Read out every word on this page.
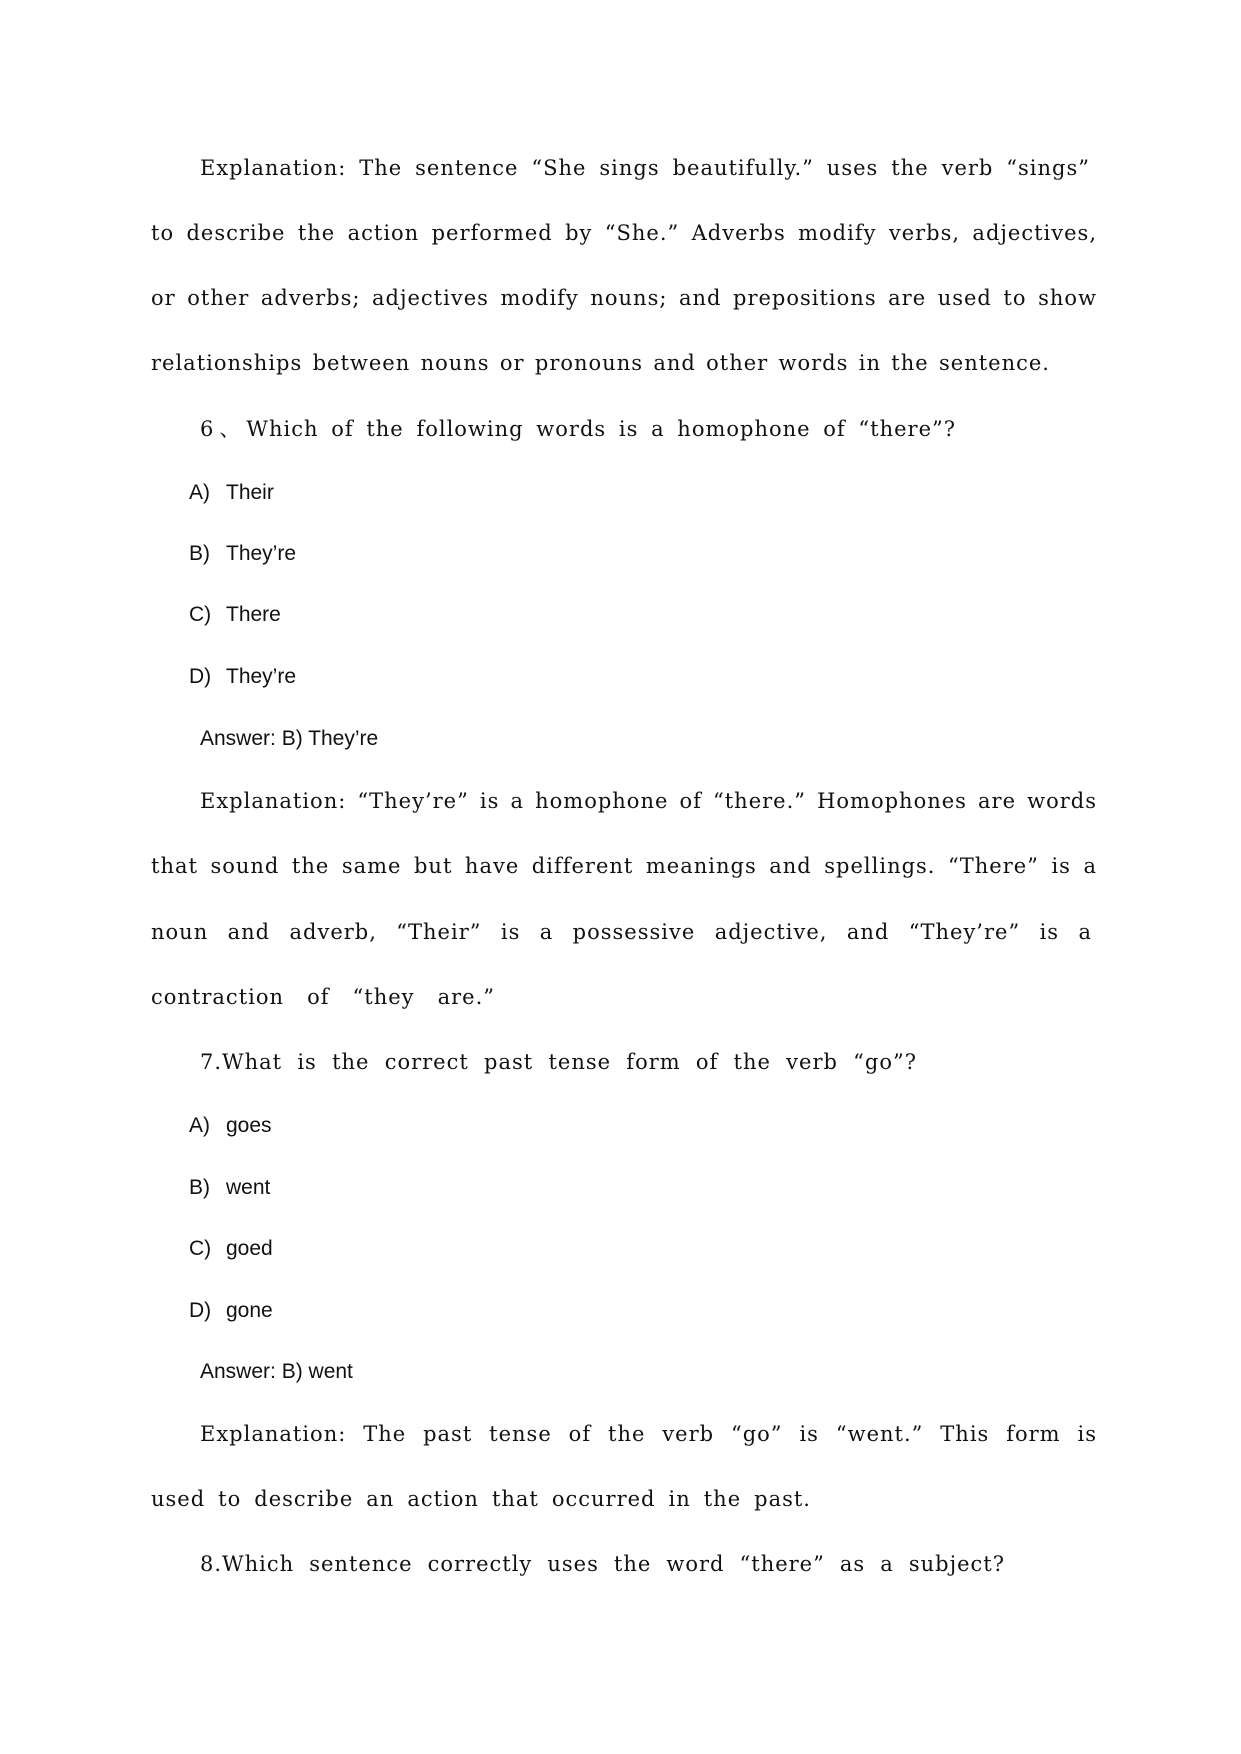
Explanation: The sentence “She sings beautifully.” uses the verb “sings”
to describe the action performed by “She.” Adverbs modify verbs, adjectives,
or other adverbs; adjectives modify nouns; and prepositions are used to show
relationships between nouns or pronouns and other words in the sentence.
6、Which of the following words is a homophone of “there”?
A) Their
B) They’re
C) There
D) They’re
Answer: B) They’re
Explanation: “They’re” is a homophone of “there.” Homophones are words
that sound the same but have different meanings and spellings. “There” is a
noun and adverb, “Their” is a possessive adjective, and “They’re” is a
contraction of “they are.”
7.What is the correct past tense form of the verb “go”?
A) goes
B) went
C) goed
D) gone
Answer: B) went
Explanation: The past tense of the verb “go” is “went.” This form is
used to describe an action that occurred in the past.
8.Which sentence correctly uses the word “there” as a subject?
